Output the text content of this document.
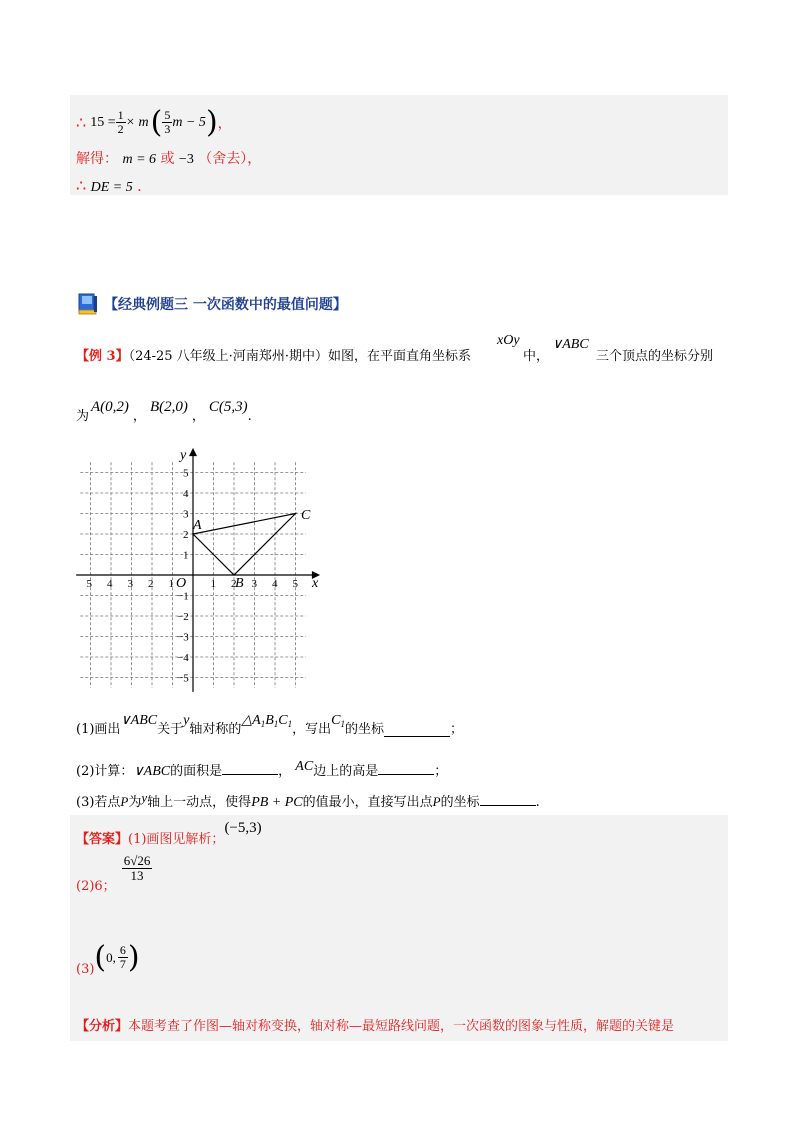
∴ $15 = \frac{1}{2} \times m$ ( $\frac{5}{3}$ m − 5 ) ，
解得： m = 6 或 −3 （舍去），
∴ DE = 5 ．
【经典例题三 一次函数中的最值问题】
【例 3】（24-25 八年级上·河南郑州·期中）如图，在平面直角坐标系
xOy
中，
∨ABC
三个顶点的坐标分别
为
A(0,2)
，
B(2,0)
，
C(5,3)
.
5 4 3 2 1	1 2 3 4 5
1
2
3
4
5
−1
−2
−3
−4
−5
x
y
O
A
B
C
(1)画出
∨ABC
关于
y
轴对称的
$\triangle A_1B_1C_1$ ，写出
$C_1$ 的坐标	；
(2)计算：∨ABC的面积是	， AC边上的高是	；
(3)若点P为y轴上一动点，使得PB + PC的值最小，直接写出点P的坐标	.
【答案】 (1)画图见解析；
(−5,3)
(2)6；
$\frac{6√26}{13}$
(3) ( 0, $\frac{6}{7}$ )
【分析】本题考查了作图—轴对称变换，轴对称—最短路线问题，一次函数的图象与性质，解题的关键是
